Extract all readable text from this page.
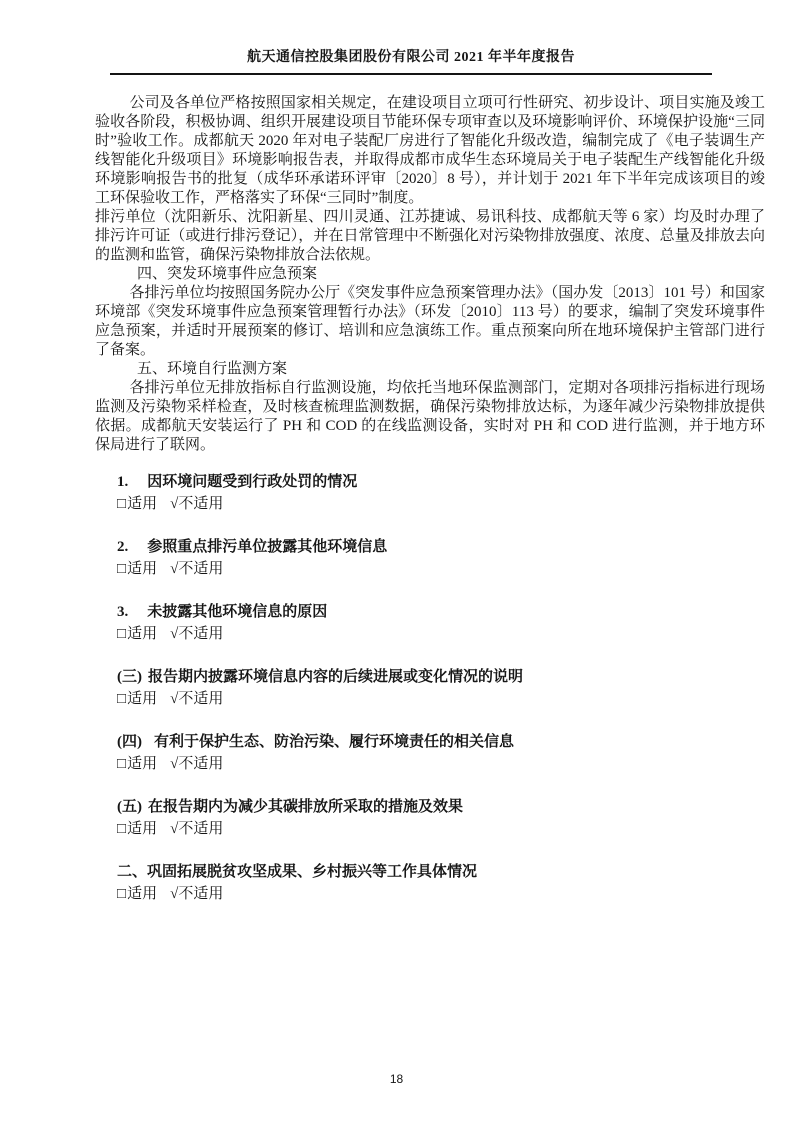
航天通信控股集团股份有限公司 2021 年半年度报告

公司及各单位严格按照国家相关规定，在建设项目立项可行性研究、初步设计、项目实施及竣工验收各阶段，积极协调、组织开展建设项目节能环保专项审查以及环境影响评价、环境保护设施“三同时”验收工作。成都航天 2020 年对电子装配厂房进行了智能化升级改造，编制完成了《电子装调生产线智能化升级项目》环境影响报告表，并取得成都市成华生态环境局关于电子装配生产线智能化升级环境影响报告书的批复（成华环承诺环评审〔2020〕8 号），并计划于 2021 年下半年完成该项目的竣工环保验收工作，严格落实了环保“三同时”制度。

排污单位（沈阳新乐、沈阳新星、四川灵通、江苏捷诚、易讯科技、成都航天等 6 家）均及时办理了排污许可证（或进行排污登记），并在日常管理中不断强化对污染物排放强度、浓度、总量及排放去向的监测和监管，确保污染物排放合法依规。

四、突发环境事件应急预案

各排污单位均按照国务院办公厅《突发事件应急预案管理办法》（国办发〔2013〕101 号）和国家环境部《突发环境事件应急预案管理暂行办法》（环发〔2010〕113 号）的要求，编制了突发环境事件应急预案，并适时开展预案的修订、培训和应急演练工作。重点预案向所在地环境保护主管部门进行了备案。

五、环境自行监测方案

各排污单位无排放指标自行监测设施，均依托当地环保监测部门，定期对各项排污指标进行现场监测及污染物采样检查，及时核查梳理监测数据，确保污染物排放达标，为逐年减少污染物排放提供依据。成都航天安装运行了 PH 和 COD 的在线监测设备，实时对 PH 和 COD 进行监测，并于地方环保局进行了联网。

1. 因环境问题受到行政处罚的情况
□适用 √不适用
2. 参照重点排污单位披露其他环境信息
□适用 √不适用
3. 未披露其他环境信息的原因
□适用 √不适用
(三) 报告期内披露环境信息内容的后续进展或变化情况的说明
□适用 √不适用
(四) 有利于保护生态、防治污染、履行环境责任的相关信息
□适用 √不适用
(五) 在报告期内为减少其碳排放所采取的措施及效果
□适用 √不适用
二、巩固拓展脱贫攻坚成果、乡村振兴等工作具体情况
□适用 √不适用
18
